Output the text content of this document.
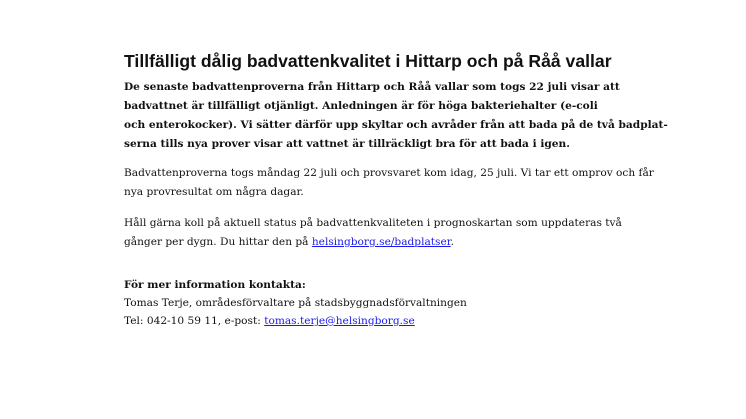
Tillfälligt dålig badvattenkvalitet i Hittarp och på Råå vallar
De senaste badvattenproverna från Hittarp och Råå vallar som togs 22 juli visar att
badvattnet är tillfälligt otjänligt. Anledningen är för höga bakteriehalter (e-coli
och enterokocker). Vi sätter därför upp skyltar och avråder från att bada på de två badplat-
serna tills nya prover visar att vattnet är tillräckligt bra för att bada i igen.
Badvattenproverna togs måndag 22 juli och provsvaret kom idag, 25 juli. Vi tar ett omprov och får
nya provresultat om några dagar.
Håll gärna koll på aktuell status på badvattenkvaliteten i prognoskartan som uppdateras två
gånger per dygn. Du hittar den på helsingborg.se/badplatser.
För mer information kontakta:
Tomas Terje, områdesförvaltare på stadsbyggnadsförvaltningen
Tel: 042-10 59 11, e-post: tomas.terje@helsingborg.se
